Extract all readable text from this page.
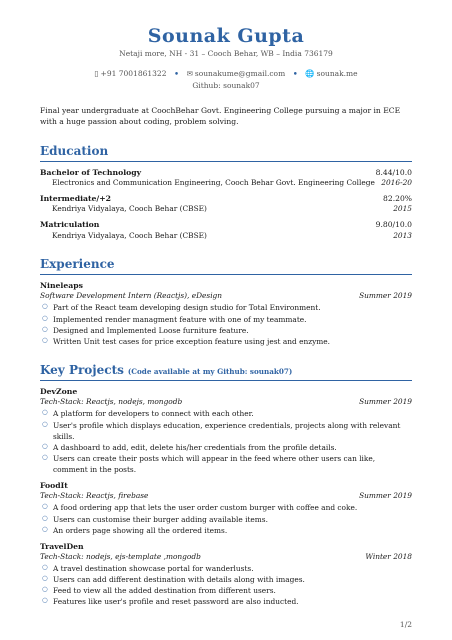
Sounak Gupta
Netaji more, NH - 31 – Cooch Behar, WB – India 736179
▯ +91 7001861322 • ✉ sounakume@gmail.com • 🌐 sounak.me
Github: sounak07
Final year undergraduate at CoochBehar Govt. Engineering College pursuing a major in ECE with a huge passion about coding, problem solving.
Education
Bachelor of Technology	8.44/10.0
Electronics and Communication Engineering, Cooch Behar Govt. Engineering College 2016-20
Intermediate/+2	82.20%
Kendriya Vidyalaya, Cooch Behar (CBSE)	2015
Matriculation	9.80/10.0
Kendriya Vidyalaya, Cooch Behar (CBSE)	2013
Experience
Nineleaps
Software Development Intern (Reactjs), eDesign	Summer 2019
○ Part of the React team developing design studio for Total Environment.
○ Implemented render managment feature with one of my teammate.
○ Designed and Implemented Loose furniture feature.
○ Written Unit test cases for price exception feature using jest and enzyme.
Key Projects (Code available at my Github: sounak07)
DevZone
Tech-Stack: Reactjs, nodejs, mongodb	Summer 2019
○ A platform for developers to connect with each other.
○ User's profile which displays education, experience credentials, projects along with relevant skills.
○ A dashboard to add, edit, delete his/her credentials from the profile details.
○ Users can create their posts which will appear in the feed where other users can like, comment in the posts.
FoodIt
Tech-Stack: Reactjs, firebase	Summer 2019
○ A food ordering app that lets the user order custom burger with coffee and coke.
○ Users can customise their burger adding available items.
○ An orders page showing all the ordered items.
TravelDen
Tech-Stack: nodejs, ejs-template ,mongodb	Winter 2018
○ A travel destination showcase portal for wanderlusts.
○ Users can add different destination with details along with images.
○ Feed to view all the added destination from different users.
○ Features like user's profile and reset password are also inducted.
1/2
